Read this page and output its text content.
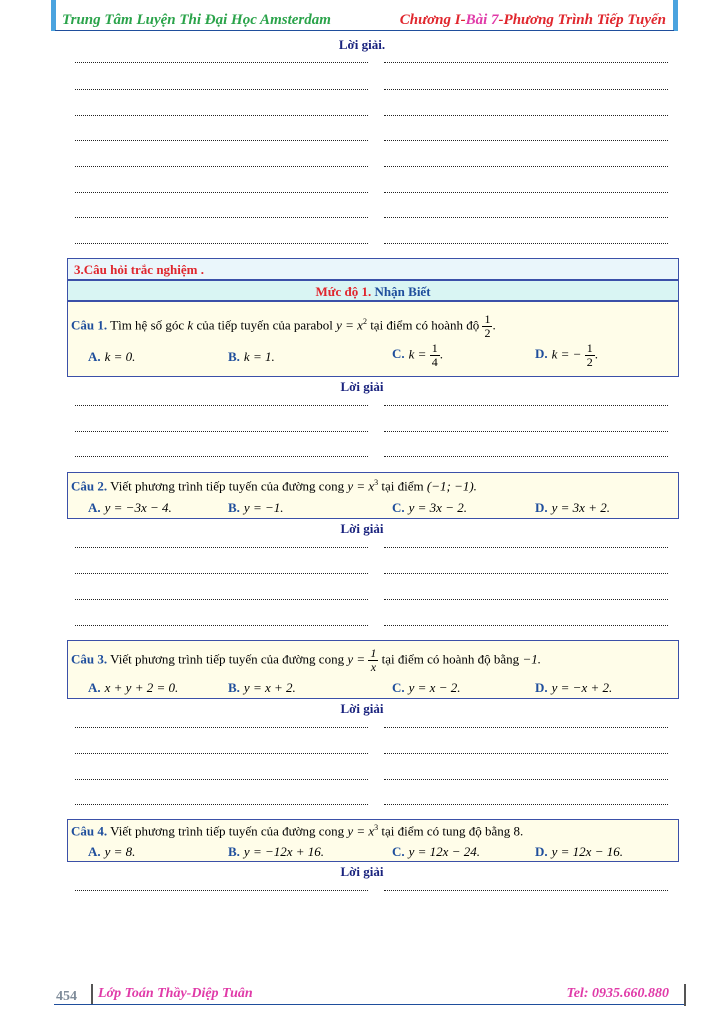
Trung Tâm Luyện Thi Đại Học Amsterdam	Chương I-Bài 7-Phương Trình Tiếp Tuyến
Lời giải.
3.Câu hỏi trắc nghiệm .
Mức độ 1. Nhận Biết
Câu 1. Tìm hệ số góc k của tiếp tuyến của parabol $y = x^2$ tại điểm có hoành độ $\frac{1}{2}$ .
A. k = 0.	B. k = 1.	C. $k = \frac{1}{4}$ .	D. k = − $\frac{1}{2}$ .
Lời giải
Câu 2. Viết phương trình tiếp tuyến của đường cong $y = x^3$ tại điểm (−1; −1).
A. y = −3x − 4.	B. y = −1.	C. y = 3x − 2.	D. y = 3x + 2.
Lời giải
Câu 3. Viết phương trình tiếp tuyến của đường cong $y = \frac{1}{x}$ tại điểm có hoành độ bằng −1.
A. x + y + 2 = 0.	B. y = x + 2.	C. y = x − 2.	D. y = −x + 2.
Lời giải
Câu 4. Viết phương trình tiếp tuyến của đường cong $y = x^3$ tại điểm có tung độ bằng 8.
A. y = 8.	B. y = −12x + 16.	C. y = 12x − 24.	D. y = 12x − 16.
Lời giải
454 Lớp Toán Thầy-Diệp Tuân	Tel: 0935.660.880
